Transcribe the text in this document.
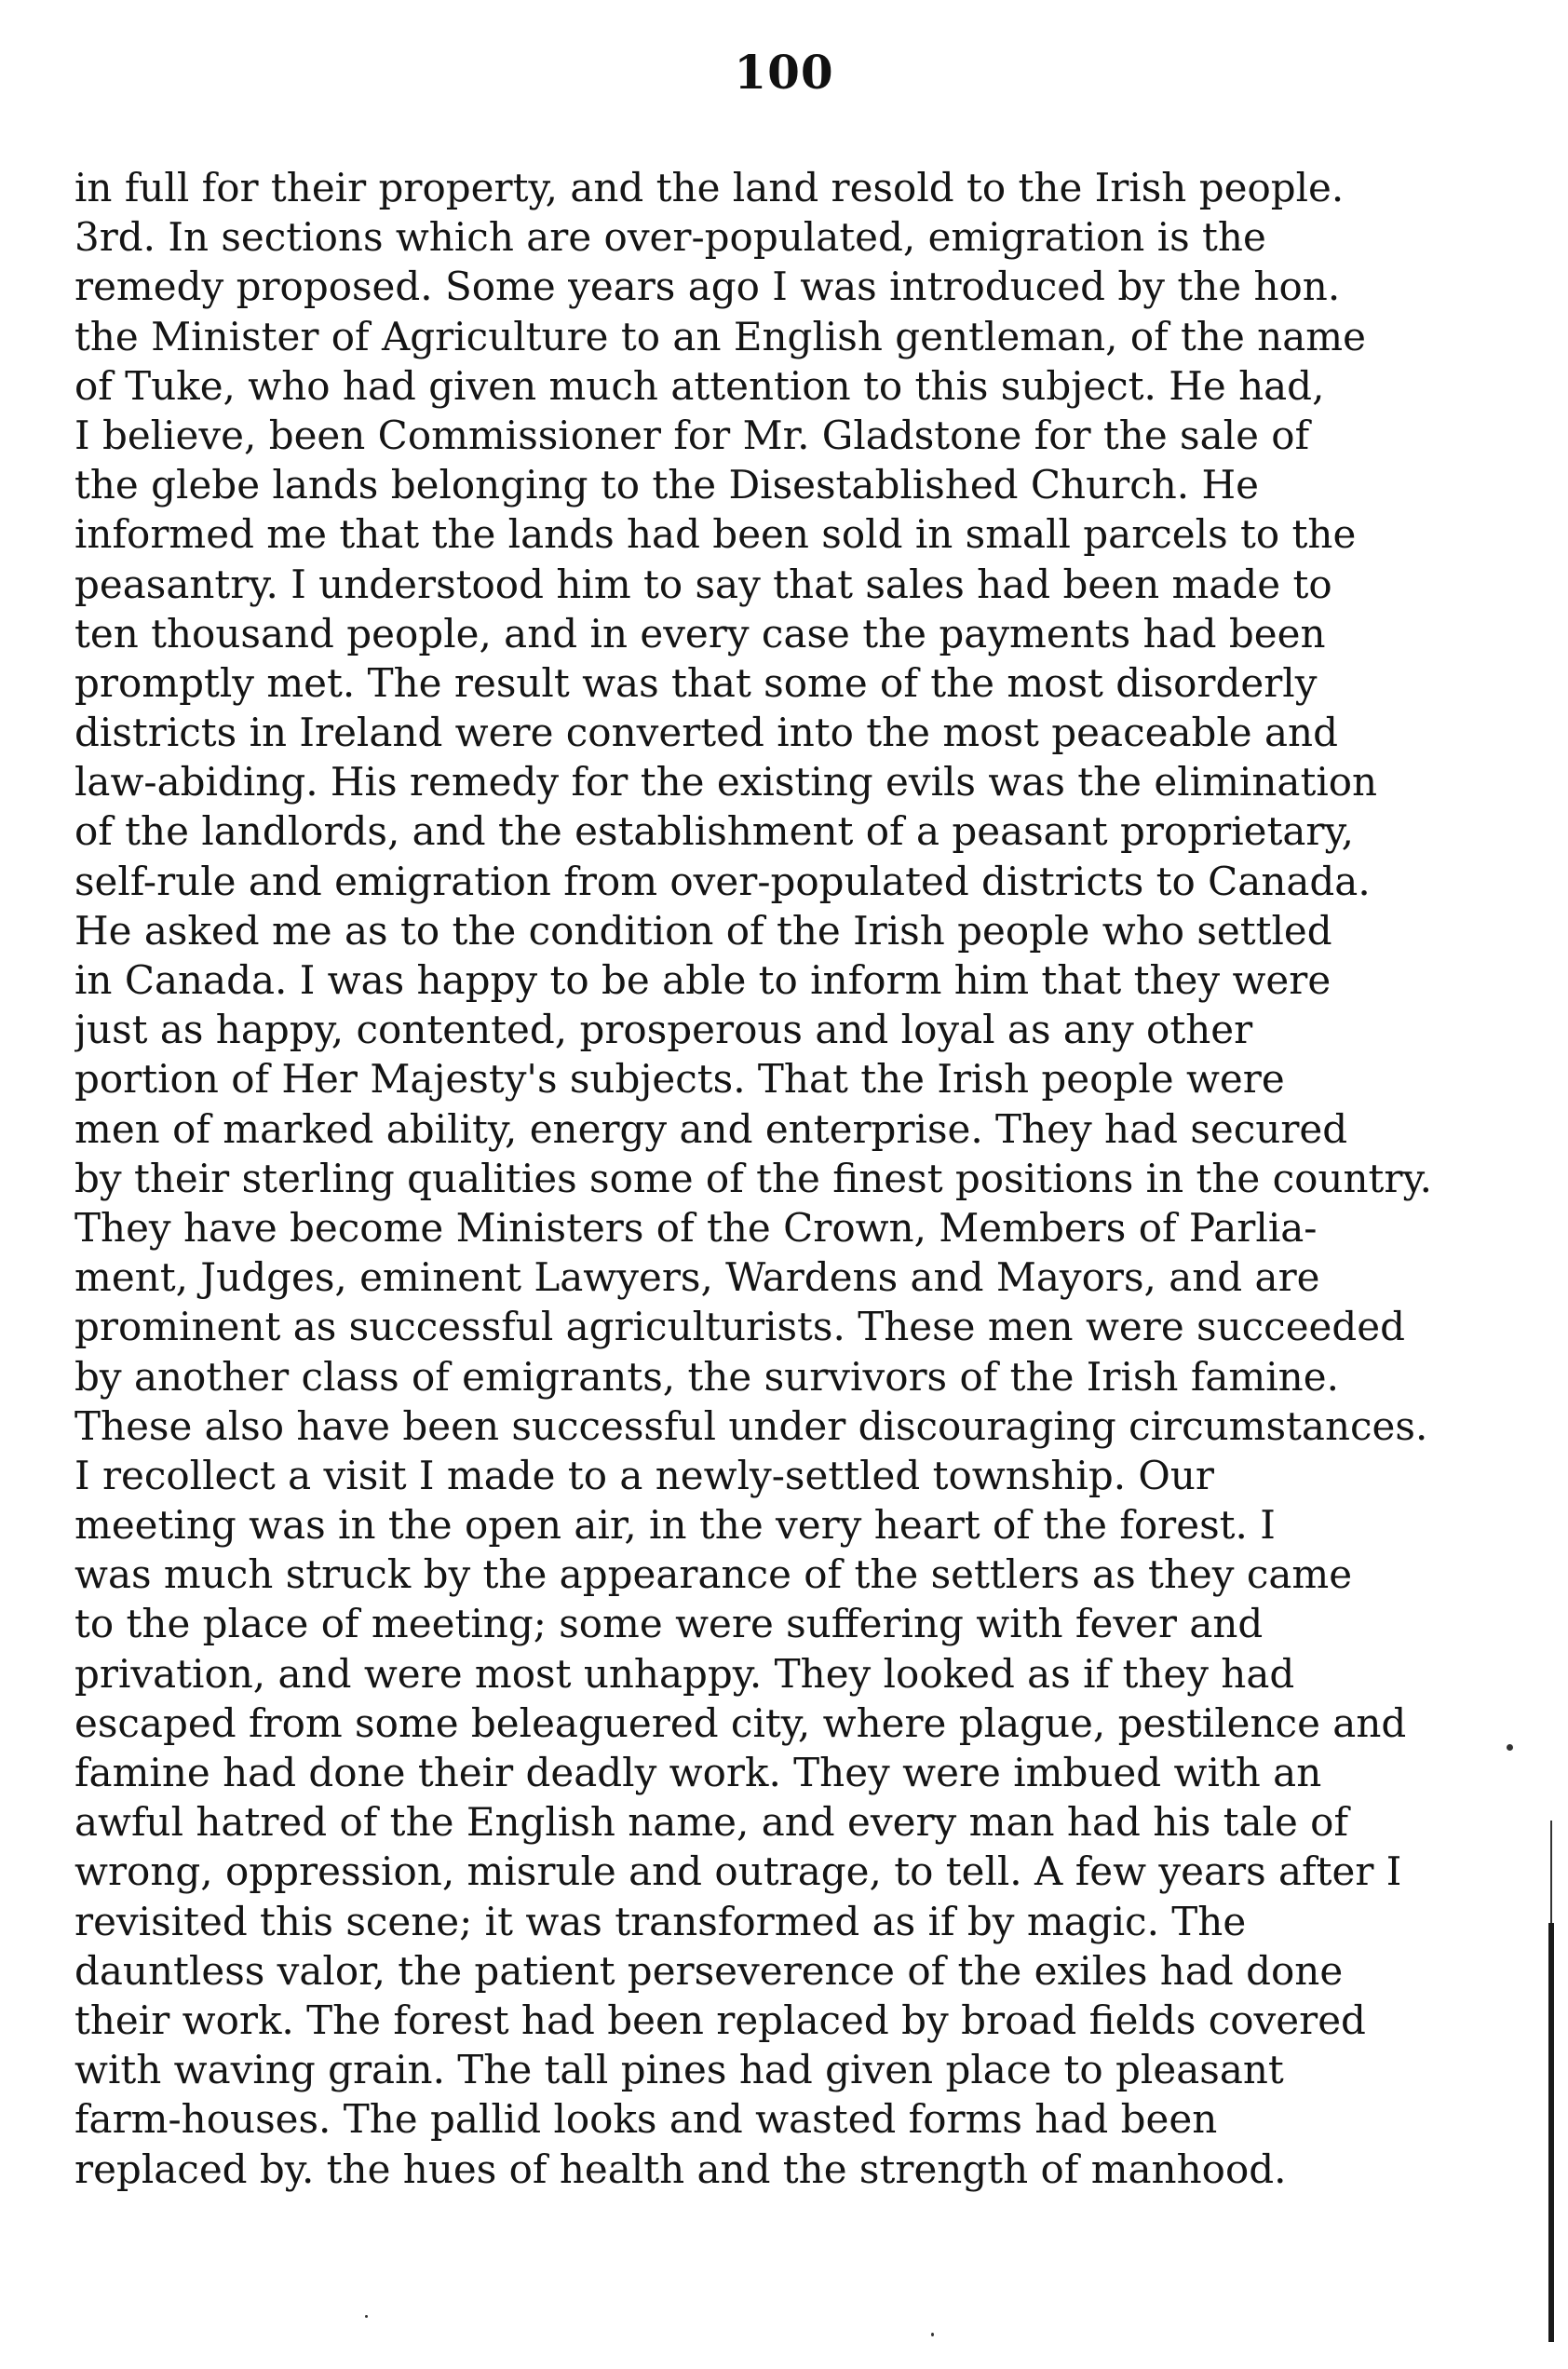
100
in full for their property, and the land resold to the Irish people.
3rd. In sections which are over-populated, emigration is the
remedy proposed. Some years ago I was introduced by the hon.
the Minister of Agriculture to an English gentleman, of the name
of Tuke, who had given much attention to this subject. He had,
I believe, been Commissioner for Mr. Gladstone for the sale of
the glebe lands belonging to the Disestablished Church. He
informed me that the lands had been sold in small parcels to the
peasantry. I understood him to say that sales had been made to
ten thousand people, and in every case the payments had been
promptly met. The result was that some of the most disorderly
districts in Ireland were converted into the most peaceable and
law-abiding. His remedy for the existing evils was the elimination
of the landlords, and the establishment of a peasant proprietary,
self-rule and emigration from over-populated districts to Canada.
He asked me as to the condition of the Irish people who settled
in Canada. I was happy to be able to inform him that they were
just as happy, contented, prosperous and loyal as any other
portion of Her Majesty's subjects. That the Irish people were
men of marked ability, energy and enterprise. They had secured
by their sterling qualities some of the finest positions in the country.
They have become Ministers of the Crown, Members of Parlia-
ment, Judges, eminent Lawyers, Wardens and Mayors, and are
prominent as successful agriculturists. These men were succeeded
by another class of emigrants, the survivors of the Irish famine.
These also have been successful under discouraging circumstances.
I recollect a visit I made to a newly-settled township. Our
meeting was in the open air, in the very heart of the forest. I
was much struck by the appearance of the settlers as they came
to the place of meeting; some were suffering with fever and
privation, and were most unhappy. They looked as if they had
escaped from some beleaguered city, where plague, pestilence and
famine had done their deadly work. They were imbued with an
awful hatred of the English name, and every man had his tale of
wrong, oppression, misrule and outrage, to tell. A few years after I
revisited this scene; it was transformed as if by magic. The
dauntless valor, the patient perseverence of the exiles had done
their work. The forest had been replaced by broad fields covered
with waving grain. The tall pines had given place to pleasant
farm-houses. The pallid looks and wasted forms had been
replaced by. the hues of health and the strength of manhood.
